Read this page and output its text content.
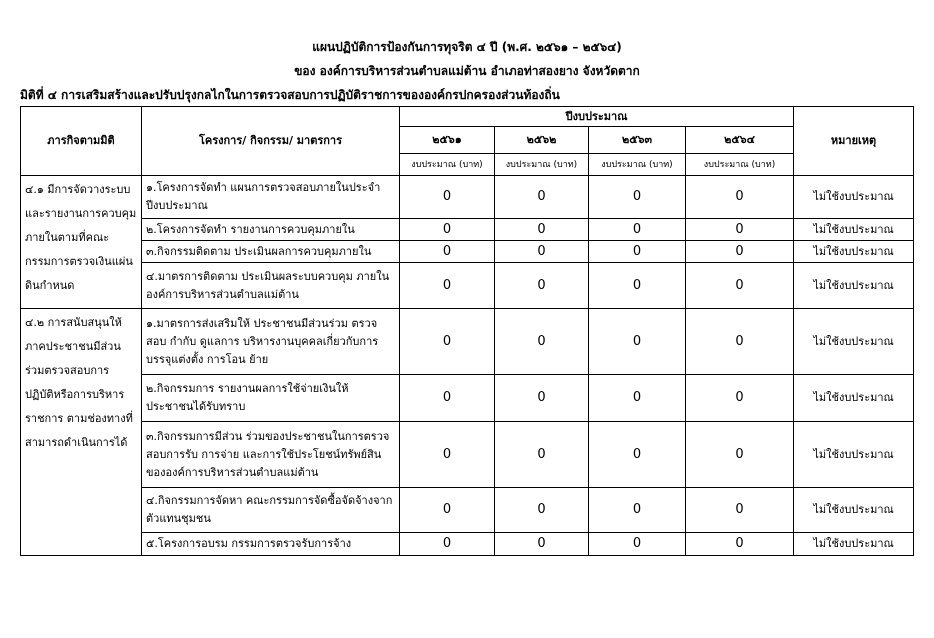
แผนปฏิบัติการป้องกันการทุจริต ๔ ปี (พ.ศ. ๒๕๖๑ – ๒๕๖๔)
ของ องค์การบริหารส่วนตำบลแม่ต้าน อำเภอท่าสองยาง จังหวัดตาก
มิติที่ ๔ การเสริมสร้างและปรับปรุงกลไกในการตรวจสอบการปฏิบัติราชการขององค์กรปกครองส่วนท้องถิ่น
ภารกิจตามมิติ	โครงการ/ กิจกรรม/ มาตรการ	ปีงบประมาณ				หมายเหตุ
		๒๕๖๑	๒๕๖๒	๒๕๖๓	๒๕๖๔	
		งบประมาณ (บาท)	งบประมาณ (บาท)	งบประมาณ (บาท)	งบประมาณ (บาท)	
๔.๑ มีการจัดวางระบบและรายงานการควบคุมภายในตามที่คณะกรรมการตรวจเงินแผ่นดินกำหนด	๑.โครงการจัดทำ แผนการตรวจสอบภายในประจำปีงบประมาณ	0	0	0	0	ไม่ใช้งบประมาณ
	๒.โครงการจัดทำ รายงานการควบคุมภายใน	0	0	0	0	ไม่ใช้งบประมาณ
	๓.กิจกรรมติดตาม ประเมินผลการควบคุมภายใน	0	0	0	0	ไม่ใช้งบประมาณ
	๔.มาตรการติดตาม ประเมินผลระบบควบคุม ภายในองค์การบริหารส่วนตำบลแม่ต้าน	0	0	0	0	ไม่ใช้งบประมาณ
๔.๒ การสนับสนุนให้ภาคประชาชนมีส่วนร่วมตรวจสอบการปฏิบัติหรือการบริหารราชการ ตามช่องทางที่สามารถดำเนินการได้	๑.มาตรการส่งเสริมให้ ประชาชนมีส่วนร่วม ตรวจสอบ กำกับ ดูแลการ บริหารงานบุคคลเกี่ยวกับการ บรรจุแต่งตั้ง การโอน ย้าย	0	0	0	0	ไม่ใช้งบประมาณ
	๒.กิจกรรมการ รายงานผลการใช้จ่ายเงินให้ประชาชนได้รับทราบ	0	0	0	0	ไม่ใช้งบประมาณ
	๓.กิจกรรมการมีส่วน ร่วมของประชาชนในการตรวจสอบการรับ การจ่าย และการใช้ประโยชน์ทรัพย์สิน ขององค์การบริหารส่วนตำบลแม่ต้าน	0	0	0	0	ไม่ใช้งบประมาณ
	๔.กิจกรรมการจัดหา คณะกรรมการจัดซื้อจัดจ้างจากตัวแทนชุมชน	0	0	0	0	ไม่ใช้งบประมาณ
	๕.โครงการอบรม กรรมการตรวจรับการจ้าง	0	0	0	0	ไม่ใช้งบประมาณ
